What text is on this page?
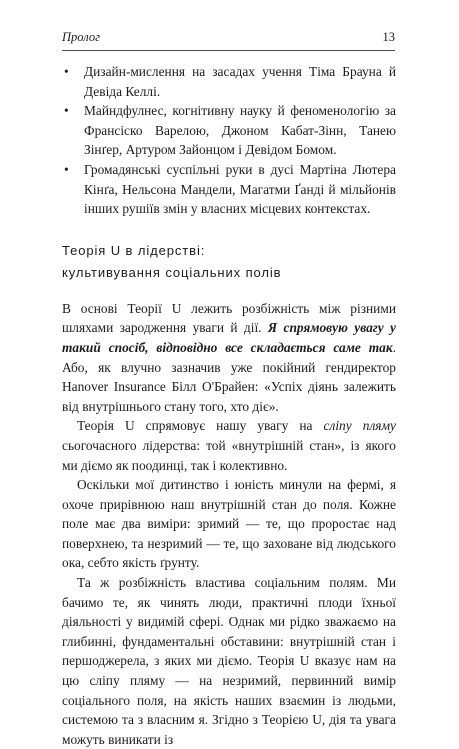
Пролог	13
• Дизайн-мислення на засадах учення Тіма Брауна й Девіда Келлі.
• Майндфулнес, когнітивну науку й феноменологію за Франсіско Варелою, Джоном Кабат-Зінн, Танею Зінґер, Артуром Зайонцом і Девідом Бомом.
• Громадянські суспільні руки в дусі Мартіна Лютера Кінґа, Нельсона Мандели, Магатми Ґанді й мільйонів інших рушіїв змін у власних місцевих контекстах.
Теорія U в лідерстві:
культивування соціальних полів

В основі Теорії U лежить розбіжність між різними шляхами зародження уваги й дії. Я спрямовую увагу у такий спосіб, відповідно все складається саме так. Або, як влучно зазначив уже покійний гендиректор Hanover Insurance Білл О'Брайен: «Успіх діянь залежить від внутрішнього стану того, хто діє».

Теорія U спрямовує нашу увагу на сліпу пляму сьогочасного лідерства: той «внутрішній стан», із якого ми діємо як поодинці, так і колективно.

Оскільки мої дитинство і юність минули на фермі, я охоче прирівнюю наш внутрішній стан до поля. Кожне поле має два виміри: зримий — те, що проростає над поверхнею, та незримий — те, що заховане від людського ока, себто якість ґрунту.

Та ж розбіжність властива соціальним полям. Ми бачимо те, як чинять люди, практичні плоди їхньої діяльності у видимій сфері. Однак ми рідко зважаємо на глибинні, фундаментальні обставини: внутрішній стан і першоджерела, з яких ми діємо. Теорія U вказує нам на цю сліпу пляму — на незримий, первинний вимір соціального поля, на якість наших взаємин із людьми, системою та з власним я. Згідно з Теорією U, дія та увага можуть виникати із
